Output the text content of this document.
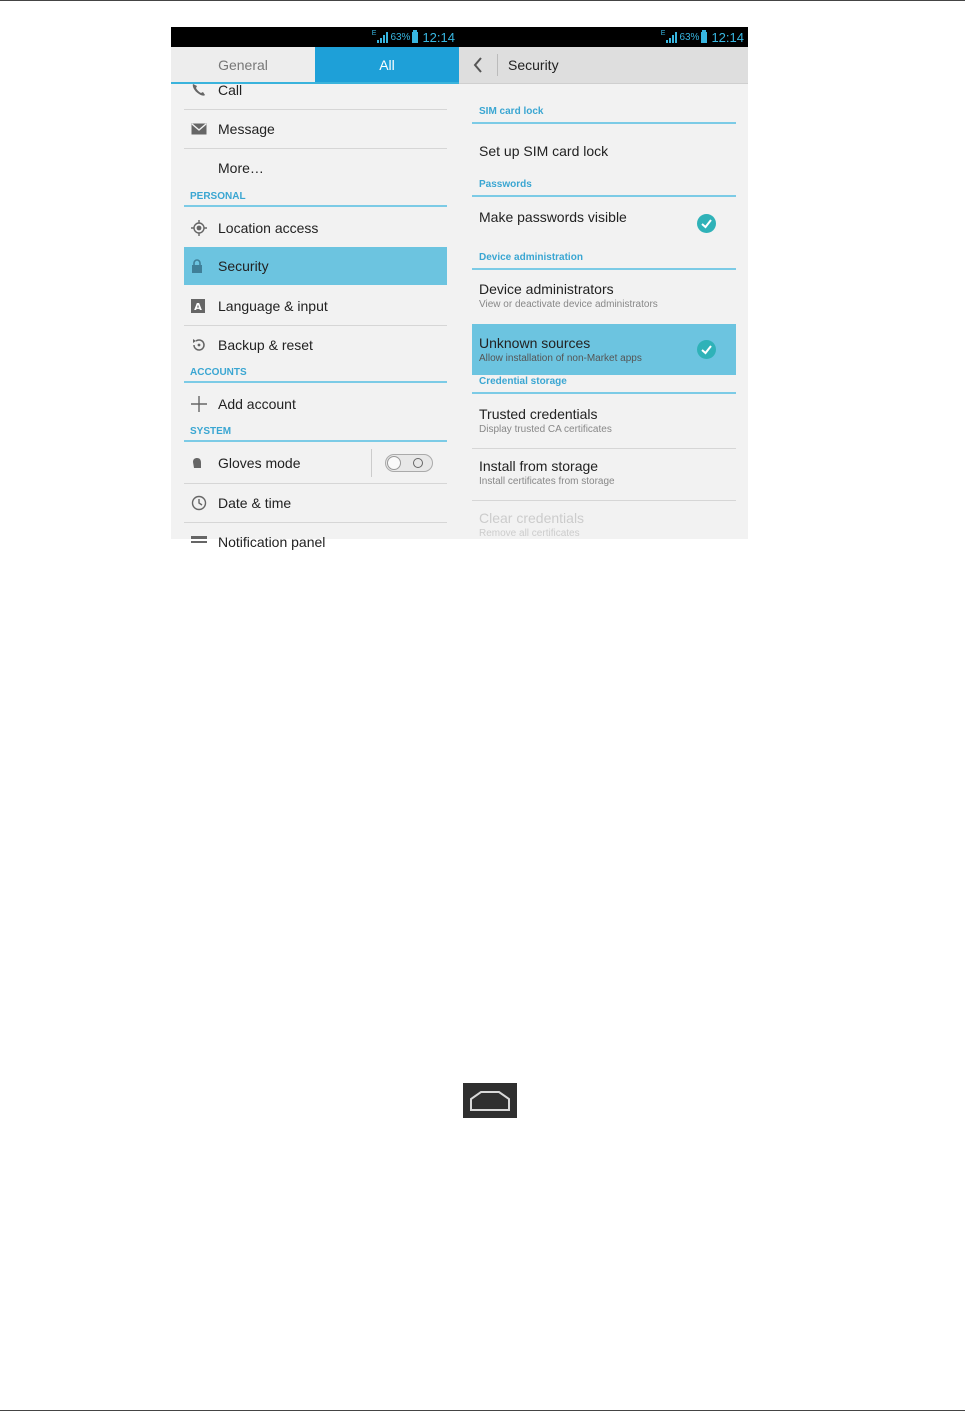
E 63% 12:14
General	All
Call
Message
More…
PERSONAL
Location access
Security
A Language & input
Backup & reset
ACCOUNTS
Add account
SYSTEM
Gloves mode
Date & time
Notification panel
E 63% 12:14
Security
SIM card lock
Set up SIM card lock
Passwords
Make passwords visible
Device administration
Device administrators
View or deactivate device administrators
Unknown sources
Allow installation of non-Market apps
Credential storage
Trusted credentials
Display trusted CA certificates
Install from storage
Install certificates from storage
Clear credentials
Remove all certificates
